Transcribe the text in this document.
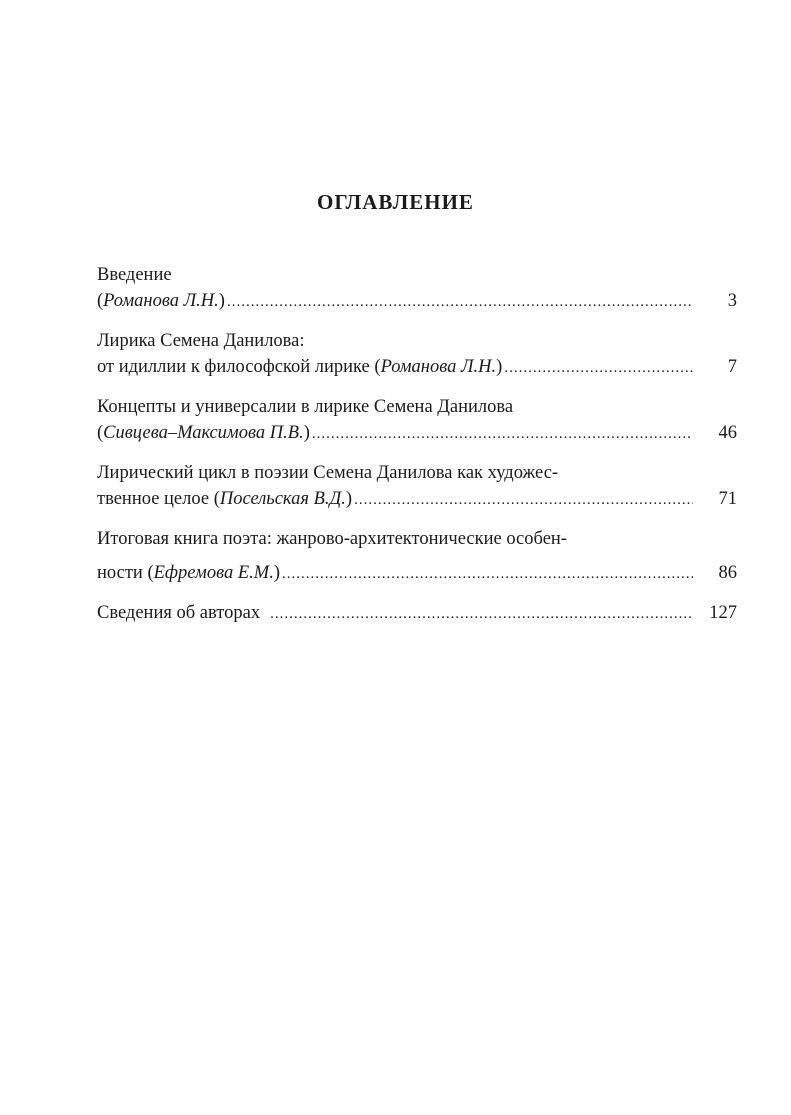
ОГЛАВЛЕНИЕ
Введение
(Романова Л.Н.) .....	3
Лирика Семена Данилова:
от идиллии к философской лирике (Романова Л.Н.) .....	7
Концепты и универсалии в лирике Семена Данилова
(Сивцева–Максимова П.В.) .....	46
Лирический цикл в поэзии Семена Данилова как художес-
твенное целое (Посельская В.Д.) .....	71
Итоговая книга поэта: жанрово-архитектонические особен-
ности (Ефремова Е.М.) .....	86
Сведения об авторах .....	127
